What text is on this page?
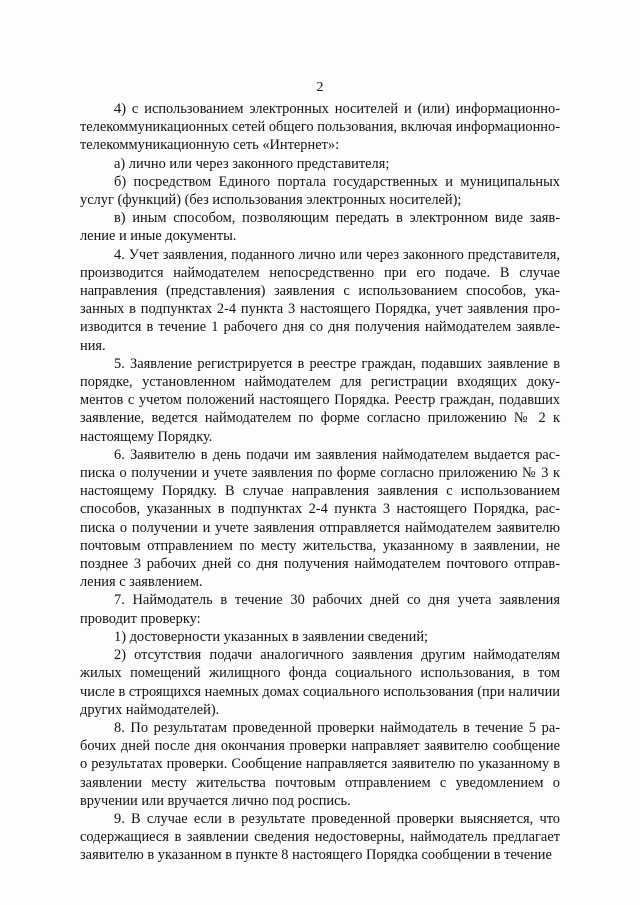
2

4) с использованием электронных носителей и (или) информационно-телекоммуникационных сетей общего пользования, включая информационно-телекоммуникационную сеть «Интернет»:

а) лично или через законного представителя;

б) посредством Единого портала государственных и муниципальных услуг (функций) (без использования электронных носителей);

в) иным способом, позволяющим передать в электронном виде заявление и иные документы.

4. Учет заявления, поданного лично или через законного представителя, производится наймодателем непосредственно при его подаче. В случае направления (представления) заявления с использованием способов, указанных в подпунктах 2-4 пункта 3 настоящего Порядка, учет заявления производится в течение 1 рабочего дня со дня получения наймодателем заявления.

5. Заявление регистрируется в реестре граждан, подавших заявление в порядке, установленном наймодателем для регистрации входящих документов с учетом положений настоящего Порядка. Реестр граждан, подавших заявление, ведется наймодателем по форме согласно приложению № 2 к настоящему Порядку.

6. Заявителю в день подачи им заявления наймодателем выдается расписка о получении и учете заявления по форме согласно приложению № 3 к настоящему Порядку. В случае направления заявления с использованием способов, указанных в подпунктах 2-4 пункта 3 настоящего Порядка, расписка о получении и учете заявления отправляется наймодателем заявителю почтовым отправлением по месту жительства, указанному в заявлении, не позднее 3 рабочих дней со дня получения наймодателем почтового отправления с заявлением.

7. Наймодатель в течение 30 рабочих дней со дня учета заявления проводит проверку:

1) достоверности указанных в заявлении сведений;

2) отсутствия подачи аналогичного заявления другим наймодателям жилых помещений жилищного фонда социального использования, в том числе в строящихся наемных домах социального использования (при наличии других наймодателей).

8. По результатам проведенной проверки наймодатель в течение 5 рабочих дней после дня окончания проверки направляет заявителю сообщение о результатах проверки. Сообщение направляется заявителю по указанному в заявлении месту жительства почтовым отправлением с уведомлением о вручении или вручается лично под роспись.

9. В случае если в результате проведенной проверки выясняется, что содержащиеся в заявлении сведения недостоверны, наймодатель предлагает заявителю в указанном в пункте 8 настоящего Порядка сообщении в течение
